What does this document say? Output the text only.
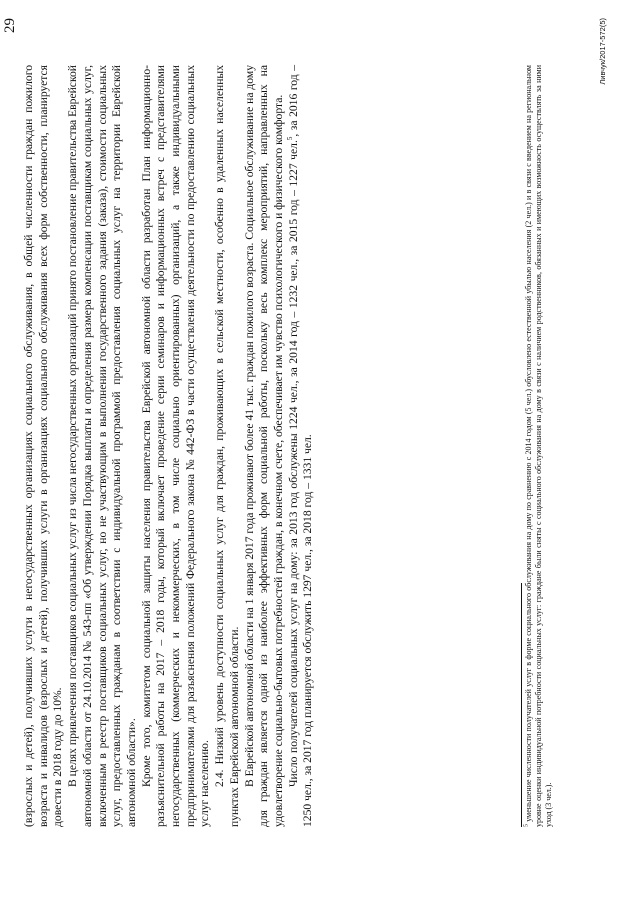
29

(взрослых и детей), получивших услуги в негосударственных организациях социального обслуживания, в общей численности граждан пожилого возраста и инвалидов (взрослых и детей), получивших услуги в организациях социального обслуживания всех форм собственности, планируется довести в 2018 году до 10%. В целях привлечения поставщиков социальных услуг из числа негосударственных организаций принято постановление правительства Еврейской автономной области от 24.10.2014 № 543-пп «Об утверждении Порядка выплаты и определения размера компенсации поставщикам социальных услуг, включенным в реестр поставщиков социальных услуг, но не участвующим в выполнении государственного задания (заказа), стоимости социальных услуг, предоставленных гражданам в соответствии с индивидуальной программой предоставления социальных услуг на территории Еврейской автономной области». Кроме того, комитетом социальной защиты населения правительства Еврейской автономной области разработан План информационно-разъяснительной работы на 2017 – 2018 годы, который включает проведение серии семинаров и информационных встреч с представителями негосударственных (коммерческих и некоммерческих, в том числе социально ориентированных) организаций, а также индивидуальными предпринимателями для разъяснения положений Федерального закона № 442-ФЗ в части осуществления деятельности по предоставлению социальных услуг населению. 2.4. Низкий уровень доступности социальных услуг для граждан, проживающих в сельской местности, особенно в удаленных населенных пунктах Еврейской автономной области. В Еврейской автономной области на 1 января 2017 года проживают более 41 тыс. граждан пожилого возраста. Социальное обслуживание на дому для граждан является одной из наиболее эффективных форм социальной работы, поскольку весь комплекс мероприятий, направленных на удовлетворение социально-бытовых потребностей граждан, в конечном счете, обеспечивает им чувство психологического и физического комфорта. Число получателей социальных услуг на дому: за 2013 год обслужены 1224 чел., за 2014 год – 1232 чел., за 2015 год – 1227 чел.$^5$, за 2016 год – 1250 чел., за 2017 год планируется обслужить 1297 чел., за 2018 год – 1331 чел.	$^5$ уменьшение численности получателей услуг в форме социального обслуживания на дому по сравнению с 2014 годом (5 чел.) обусловлено естественной убылью населения (2 чел.) и в связи с введением на региональном уровне оценки индивидуальной потребности социальных услуг: граждане были сняты с социального обслуживания на дому в связи с наличием родственников, обязанных и имеющих возможность осуществлять за ними уход (3 чел.).
Ливчук/2017-572(5)
